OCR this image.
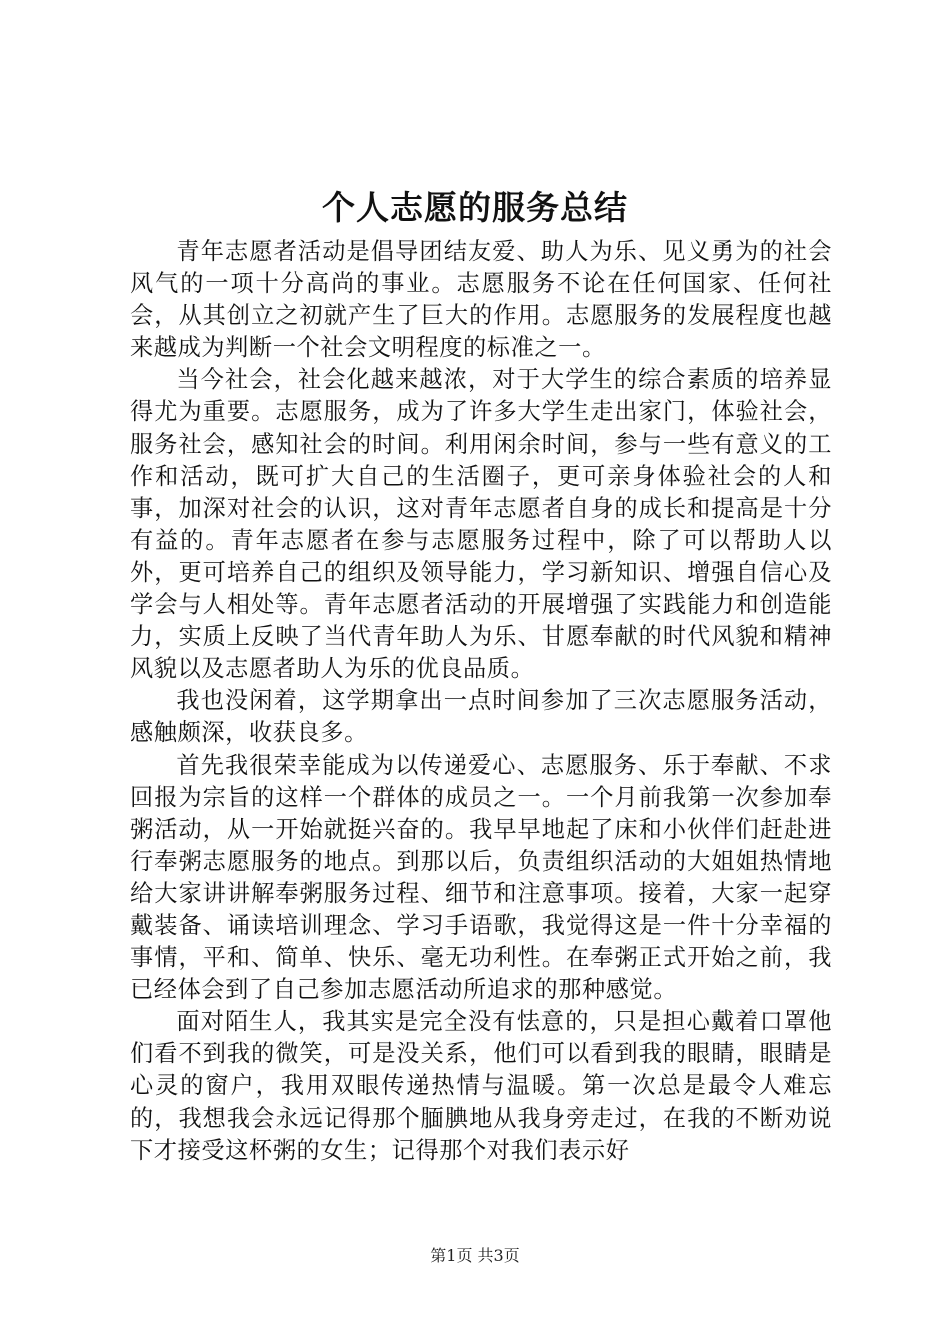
个人志愿的服务总结

青年志愿者活动是倡导团结友爱、助人为乐、见义勇为的社会风气的一项十分高尚的事业。志愿服务不论在任何国家、任何社会，从其创立之初就产生了巨大的作用。志愿服务的发展程度也越来越成为判断一个社会文明程度的标准之一。

当今社会，社会化越来越浓，对于大学生的综合素质的培养显得尤为重要。志愿服务，成为了许多大学生走出家门，体验社会，服务社会，感知社会的时间。利用闲余时间，参与一些有意义的工作和活动，既可扩大自己的生活圈子，更可亲身体验社会的人和事，加深对社会的认识，这对青年志愿者自身的成长和提高是十分有益的。青年志愿者在参与志愿服务过程中，除了可以帮助人以外，更可培养自己的组织及领导能力，学习新知识、增强自信心及学会与人相处等。青年志愿者活动的开展增强了实践能力和创造能力，实质上反映了当代青年助人为乐、甘愿奉献的时代风貌和精神风貌以及志愿者助人为乐的优良品质。

我也没闲着，这学期拿出一点时间参加了三次志愿服务活动，感触颇深，收获良多。

首先我很荣幸能成为以传递爱心、志愿服务、乐于奉献、不求回报为宗旨的这样一个群体的成员之一。一个月前我第一次参加奉粥活动，从一开始就挺兴奋的。我早早地起了床和小伙伴们赶赴进行奉粥志愿服务的地点。到那以后，负责组织活动的大姐姐热情地给大家讲讲解奉粥服务过程、细节和注意事项。接着，大家一起穿戴装备、诵读培训理念、学习手语歌，我觉得这是一件十分幸福的事情，平和、简单、快乐、毫无功利性。在奉粥正式开始之前，我已经体会到了自己参加志愿活动所追求的那种感觉。

面对陌生人，我其实是完全没有怯意的，只是担心戴着口罩他们看不到我的微笑，可是没关系，他们可以看到我的眼睛，眼睛是心灵的窗户，我用双眼传递热情与温暖。第一次总是最令人难忘的，我想我会永远记得那个腼腆地从我身旁走过，在我的不断劝说下才接受这杯粥的女生；记得那个对我们表示好

第1页 共3页
